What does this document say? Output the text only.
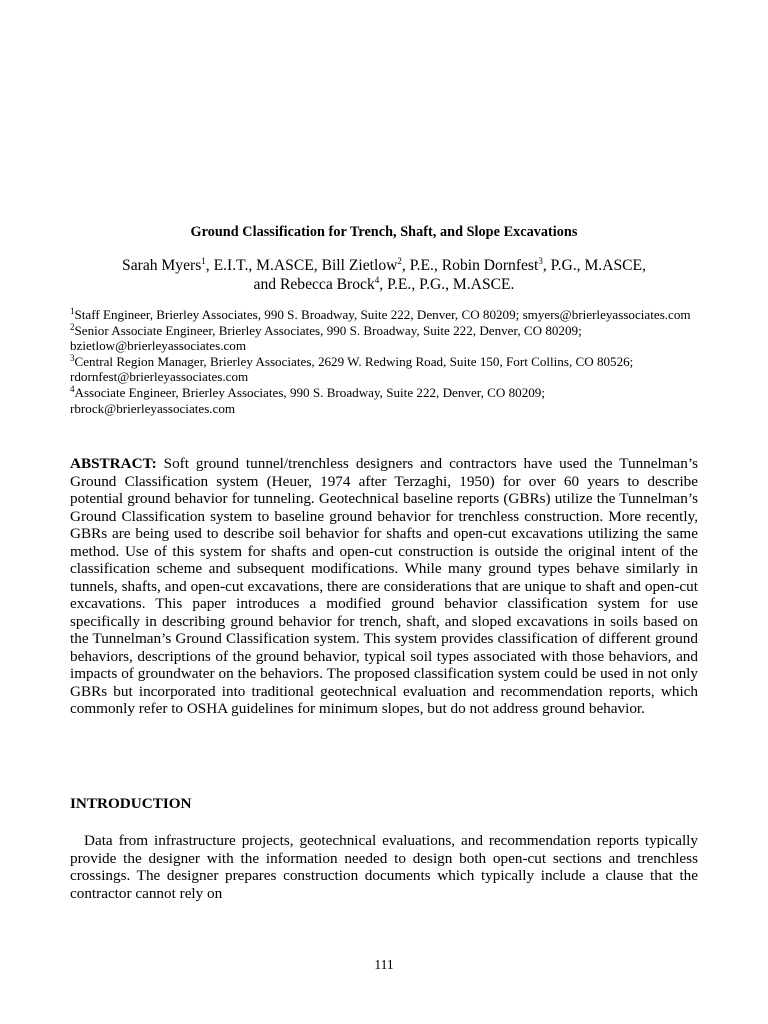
Ground Classification for Trench, Shaft, and Slope Excavations
Sarah Myers$^1$, E.I.T., M.ASCE, Bill Zietlow$^2$, P.E., Robin Dornfest$^3$, P.G., M.ASCE,
and Rebecca Brock$^4$, P.E., P.G., M.ASCE.

$^1$Staff Engineer, Brierley Associates, 990 S. Broadway, Suite 222, Denver, CO 80209; smyers@brierleyassociates.com

$^2$Senior Associate Engineer, Brierley Associates, 990 S. Broadway, Suite 222, Denver, CO 80209; bzietlow@brierleyassociates.com

$^3$Central Region Manager, Brierley Associates, 2629 W. Redwing Road, Suite 150, Fort Collins, CO 80526; rdornfest@brierleyassociates.com

$^4$Associate Engineer, Brierley Associates, 990 S. Broadway, Suite 222, Denver, CO 80209; rbrock@brierleyassociates.com

ABSTRACT: Soft ground tunnel/trenchless designers and contractors have used the Tunnelman’s Ground Classification system (Heuer, 1974 after Terzaghi, 1950) for over 60 years to describe potential ground behavior for tunneling. Geotechnical baseline reports (GBRs) utilize the Tunnelman’s Ground Classification system to baseline ground behavior for trenchless construction. More recently, GBRs are being used to describe soil behavior for shafts and open-cut excavations utilizing the same method. Use of this system for shafts and open-cut construction is outside the original intent of the classification scheme and subsequent modifications. While many ground types behave similarly in tunnels, shafts, and open-cut excavations, there are considerations that are unique to shaft and open-cut excavations. This paper introduces a modified ground behavior classification system for use specifically in describing ground behavior for trench, shaft, and sloped excavations in soils based on the Tunnelman’s Ground Classification system. This system provides classification of different ground behaviors, descriptions of the ground behavior, typical soil types associated with those behaviors, and impacts of groundwater on the behaviors. The proposed classification system could be used in not only GBRs but incorporated into traditional geotechnical evaluation and recommendation reports, which commonly refer to OSHA guidelines for minimum slopes, but do not address ground behavior.

INTRODUCTION

Data from infrastructure projects, geotechnical evaluations, and recommendation reports typically provide the designer with the information needed to design both open-cut sections and trenchless crossings. The designer prepares construction documents which typically include a clause that the contractor cannot rely on

111
